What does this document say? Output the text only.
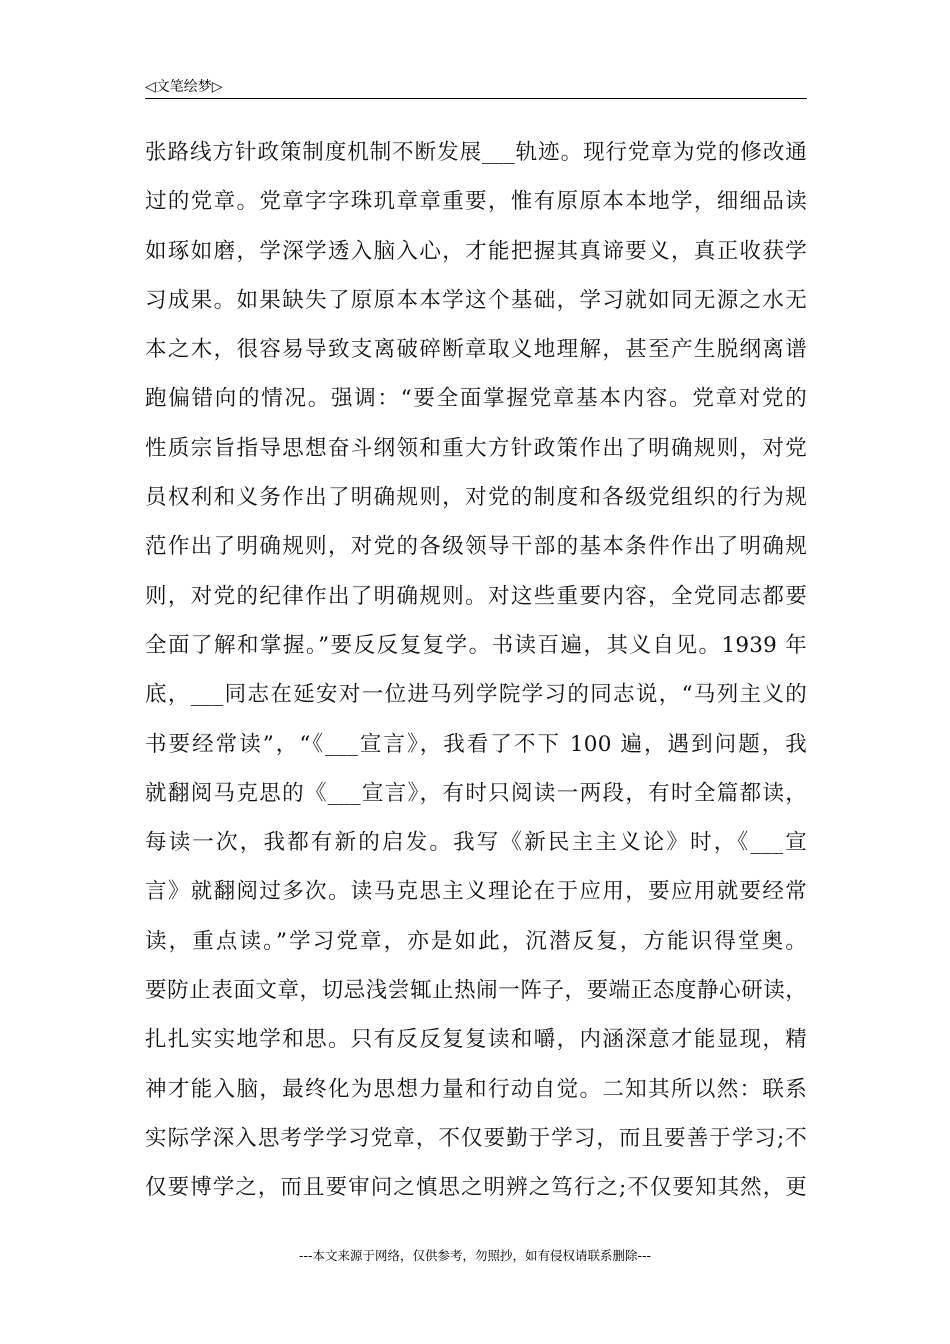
◁文笔绘梦▷
张路线方针政策制度机制不断发展___轨迹。现行党章为党的修改通
过的党章。党章字字珠玑章章重要，惟有原原本本地学，细细品读
如琢如磨，学深学透入脑入心，才能把握其真谛要义，真正收获学
习成果。如果缺失了原原本本学这个基础，学习就如同无源之水无
本之木，很容易导致支离破碎断章取义地理解，甚至产生脱纲离谱
跑偏错向的情况。强调：“要全面掌握党章基本内容。党章对党的
性质宗旨指导思想奋斗纲领和重大方针政策作出了明确规则，对党
员权利和义务作出了明确规则，对党的制度和各级党组织的行为规
范作出了明确规则，对党的各级领导干部的基本条件作出了明确规
则，对党的纪律作出了明确规则。对这些重要内容，全党同志都要
全面了解和掌握。”要反反复复学。书读百遍，其义自见。1939 年
底，___同志在延安对一位进马列学院学习的同志说，“马列主义的
书要经常读”，“《___宣言》，我看了不下 100 遍，遇到问题，我
就翻阅马克思的《___宣言》，有时只阅读一两段，有时全篇都读，
每读一次，我都有新的启发。我写《新民主主义论》时，《___宣
言》就翻阅过多次。读马克思主义理论在于应用，要应用就要经常
读，重点读。”学习党章，亦是如此，沉潜反复，方能识得堂奥。
要防止表面文章，切忌浅尝辄止热闹一阵子，要端正态度静心研读，
扎扎实实地学和思。只有反反复复读和嚼，内涵深意才能显现，精
神才能入脑，最终化为思想力量和行动自觉。二知其所以然：联系
实际学深入思考学学习党章，不仅要勤于学习，而且要善于学习;不
仅要博学之，而且要审问之慎思之明辨之笃行之;不仅要知其然，更
---本文来源于网络，仅供参考，勿照抄，如有侵权请联系删除---
